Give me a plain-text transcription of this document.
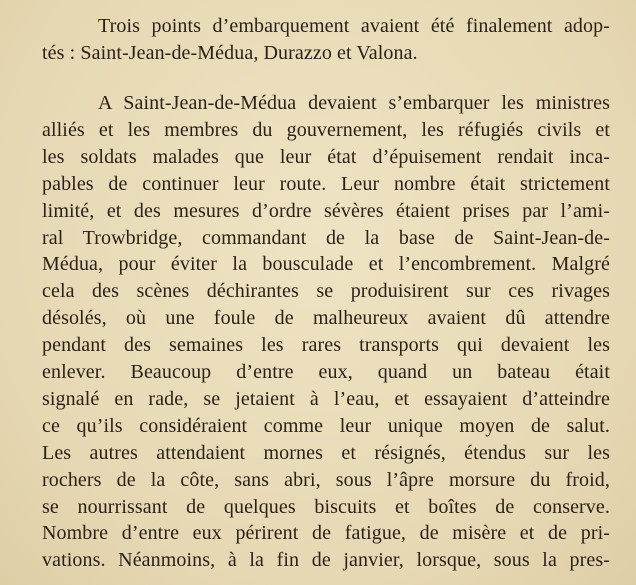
Trois points d’embarquement avaient été finalement adop-
tés : Saint-Jean-de-Médua, Durazzo et Valona.
A Saint-Jean-de-Médua devaient s’embarquer les ministres
alliés et les membres du gouvernement, les réfugiés civils et
les soldats malades que leur état d’épuisement rendait inca-
pables de continuer leur route. Leur nombre était strictement
limité, et des mesures d’ordre sévères étaient prises par l’ami-
ral Trowbridge, commandant de la base de Saint-Jean-de-
Médua, pour éviter la bousculade et l’encombrement. Malgré
cela des scènes déchirantes se produisirent sur ces rivages
désolés, où une foule de malheureux avaient dû attendre
pendant des semaines les rares transports qui devaient les
enlever. Beaucoup d’entre eux, quand un bateau était
signalé en rade, se jetaient à l’eau, et essayaient d’atteindre
ce qu’ils considéraient comme leur unique moyen de salut.
Les autres attendaient mornes et résignés, étendus sur les
rochers de la côte, sans abri, sous l’âpre morsure du froid,
se nourrissant de quelques biscuits et boîtes de conserve.
Nombre d’entre eux périrent de fatigue, de misère et de pri-
vations. Néanmoins, à la fin de janvier, lorsque, sous la pres-
